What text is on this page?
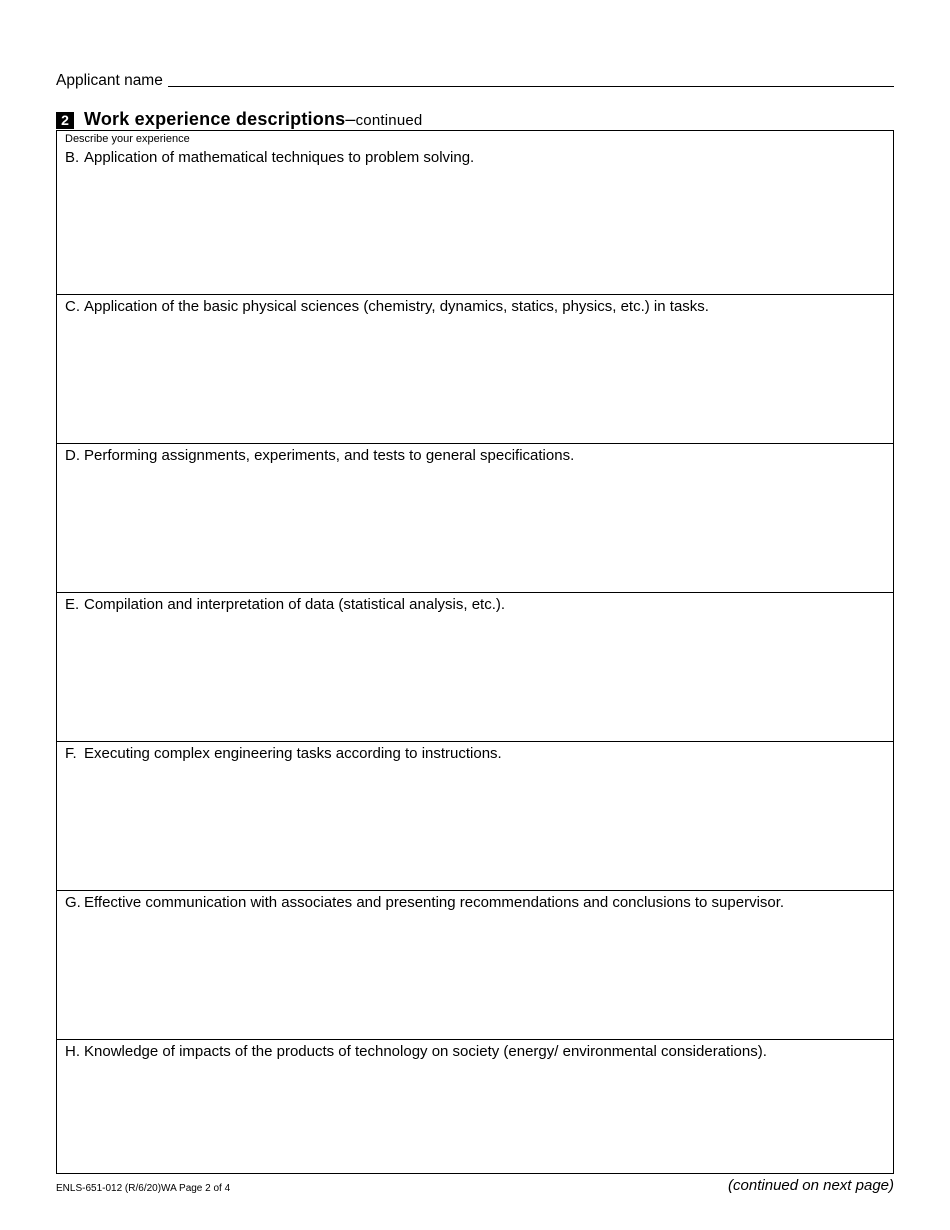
Applicant name
2 Work experience descriptions–continued
Describe your experience
B. Application of mathematical techniques to problem solving.
C. Application of the basic physical sciences (chemistry, dynamics, statics, physics, etc.) in tasks.
D. Performing assignments, experiments, and tests to general specifications.
E. Compilation and interpretation of data (statistical analysis, etc.).
F. Executing complex engineering tasks according to instructions.
G. Effective communication with associates and presenting recommendations and conclusions to supervisor.
H. Knowledge of impacts of the products of technology on society (energy/ environmental considerations).
ENLS-651-012 (R/6/20)WA Page 2 of 4	(continued on next page)
